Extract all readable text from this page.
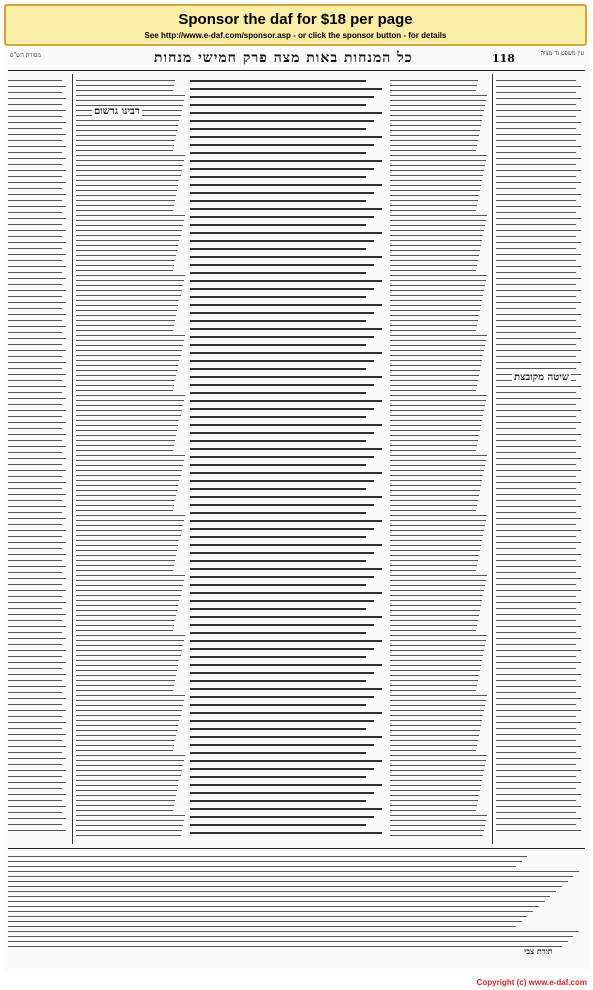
Sponsor the daf for $18 per page
See http://www.e-daf.com/sponsor.asp - or click the sponsor button - for details
מסורת הש"ס	כל המנחות באות מצה פרק חמישי מנחות	118	עין משפט נר מצוה
רבינו גרשום
שיטה מקובצת
תורת צבי
Copyright (c) www.e-daf.com
